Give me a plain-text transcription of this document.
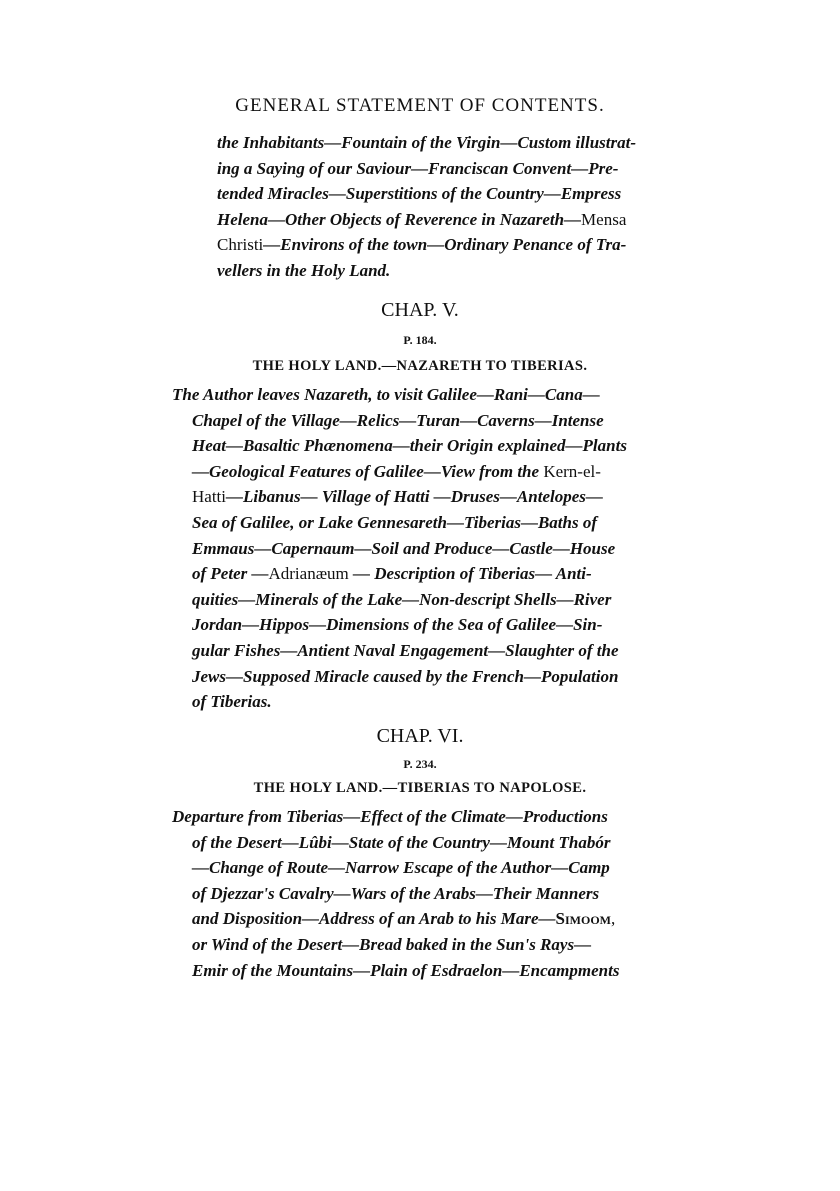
GENERAL STATEMENT OF CONTENTS.
the Inhabitants—Fountain of the Virgin—Custom illustrat-
ing a Saying of our Saviour—Franciscan Convent—Pre-
tended Miracles—Superstitions of the Country—Empress
Helena—Other Objects of Reverence in Nazareth—Mensa
Christi—Environs of the town—Ordinary Penance of Tra-
vellers in the Holy Land.
CHAP. V.
P. 184.
THE HOLY LAND.—NAZARETH TO TIBERIAS.
The Author leaves Nazareth, to visit Galilee—Rani—Cana—
Chapel of the Village—Relics—Turan—Caverns—Intense
Heat—Basaltic Phænomena—their Origin explained—Plants
—Geological Features of Galilee—View from the Kern-el-
Hatti—Libanus— Village of Hatti —Druses—Antelopes—
Sea of Galilee, or Lake Gennesareth—Tiberias—Baths of
Emmaus—Capernaum—Soil and Produce—Castle—House
of Peter —Adrianæum — Description of Tiberias— Anti-
quities—Minerals of the Lake—Non-descript Shells—River
Jordan—Hippos—Dimensions of the Sea of Galilee—Sin-
gular Fishes—Antient Naval Engagement—Slaughter of the
Jews—Supposed Miracle caused by the French—Population
of Tiberias.
CHAP. VI.
P. 234.
THE HOLY LAND.—TIBERIAS TO NAPOLOSE.
Departure from Tiberias—Effect of the Climate—Productions
of the Desert—Lûbi—State of the Country—Mount Thabór
—Change of Route—Narrow Escape of the Author—Camp
of Djezzar's Cavalry—Wars of the Arabs—Their Manners
and Disposition—Address of an Arab to his Mare—Simoom,
or Wind of the Desert—Bread baked in the Sun's Rays—
Emir of the Mountains—Plain of Esdraelon—Encampments
